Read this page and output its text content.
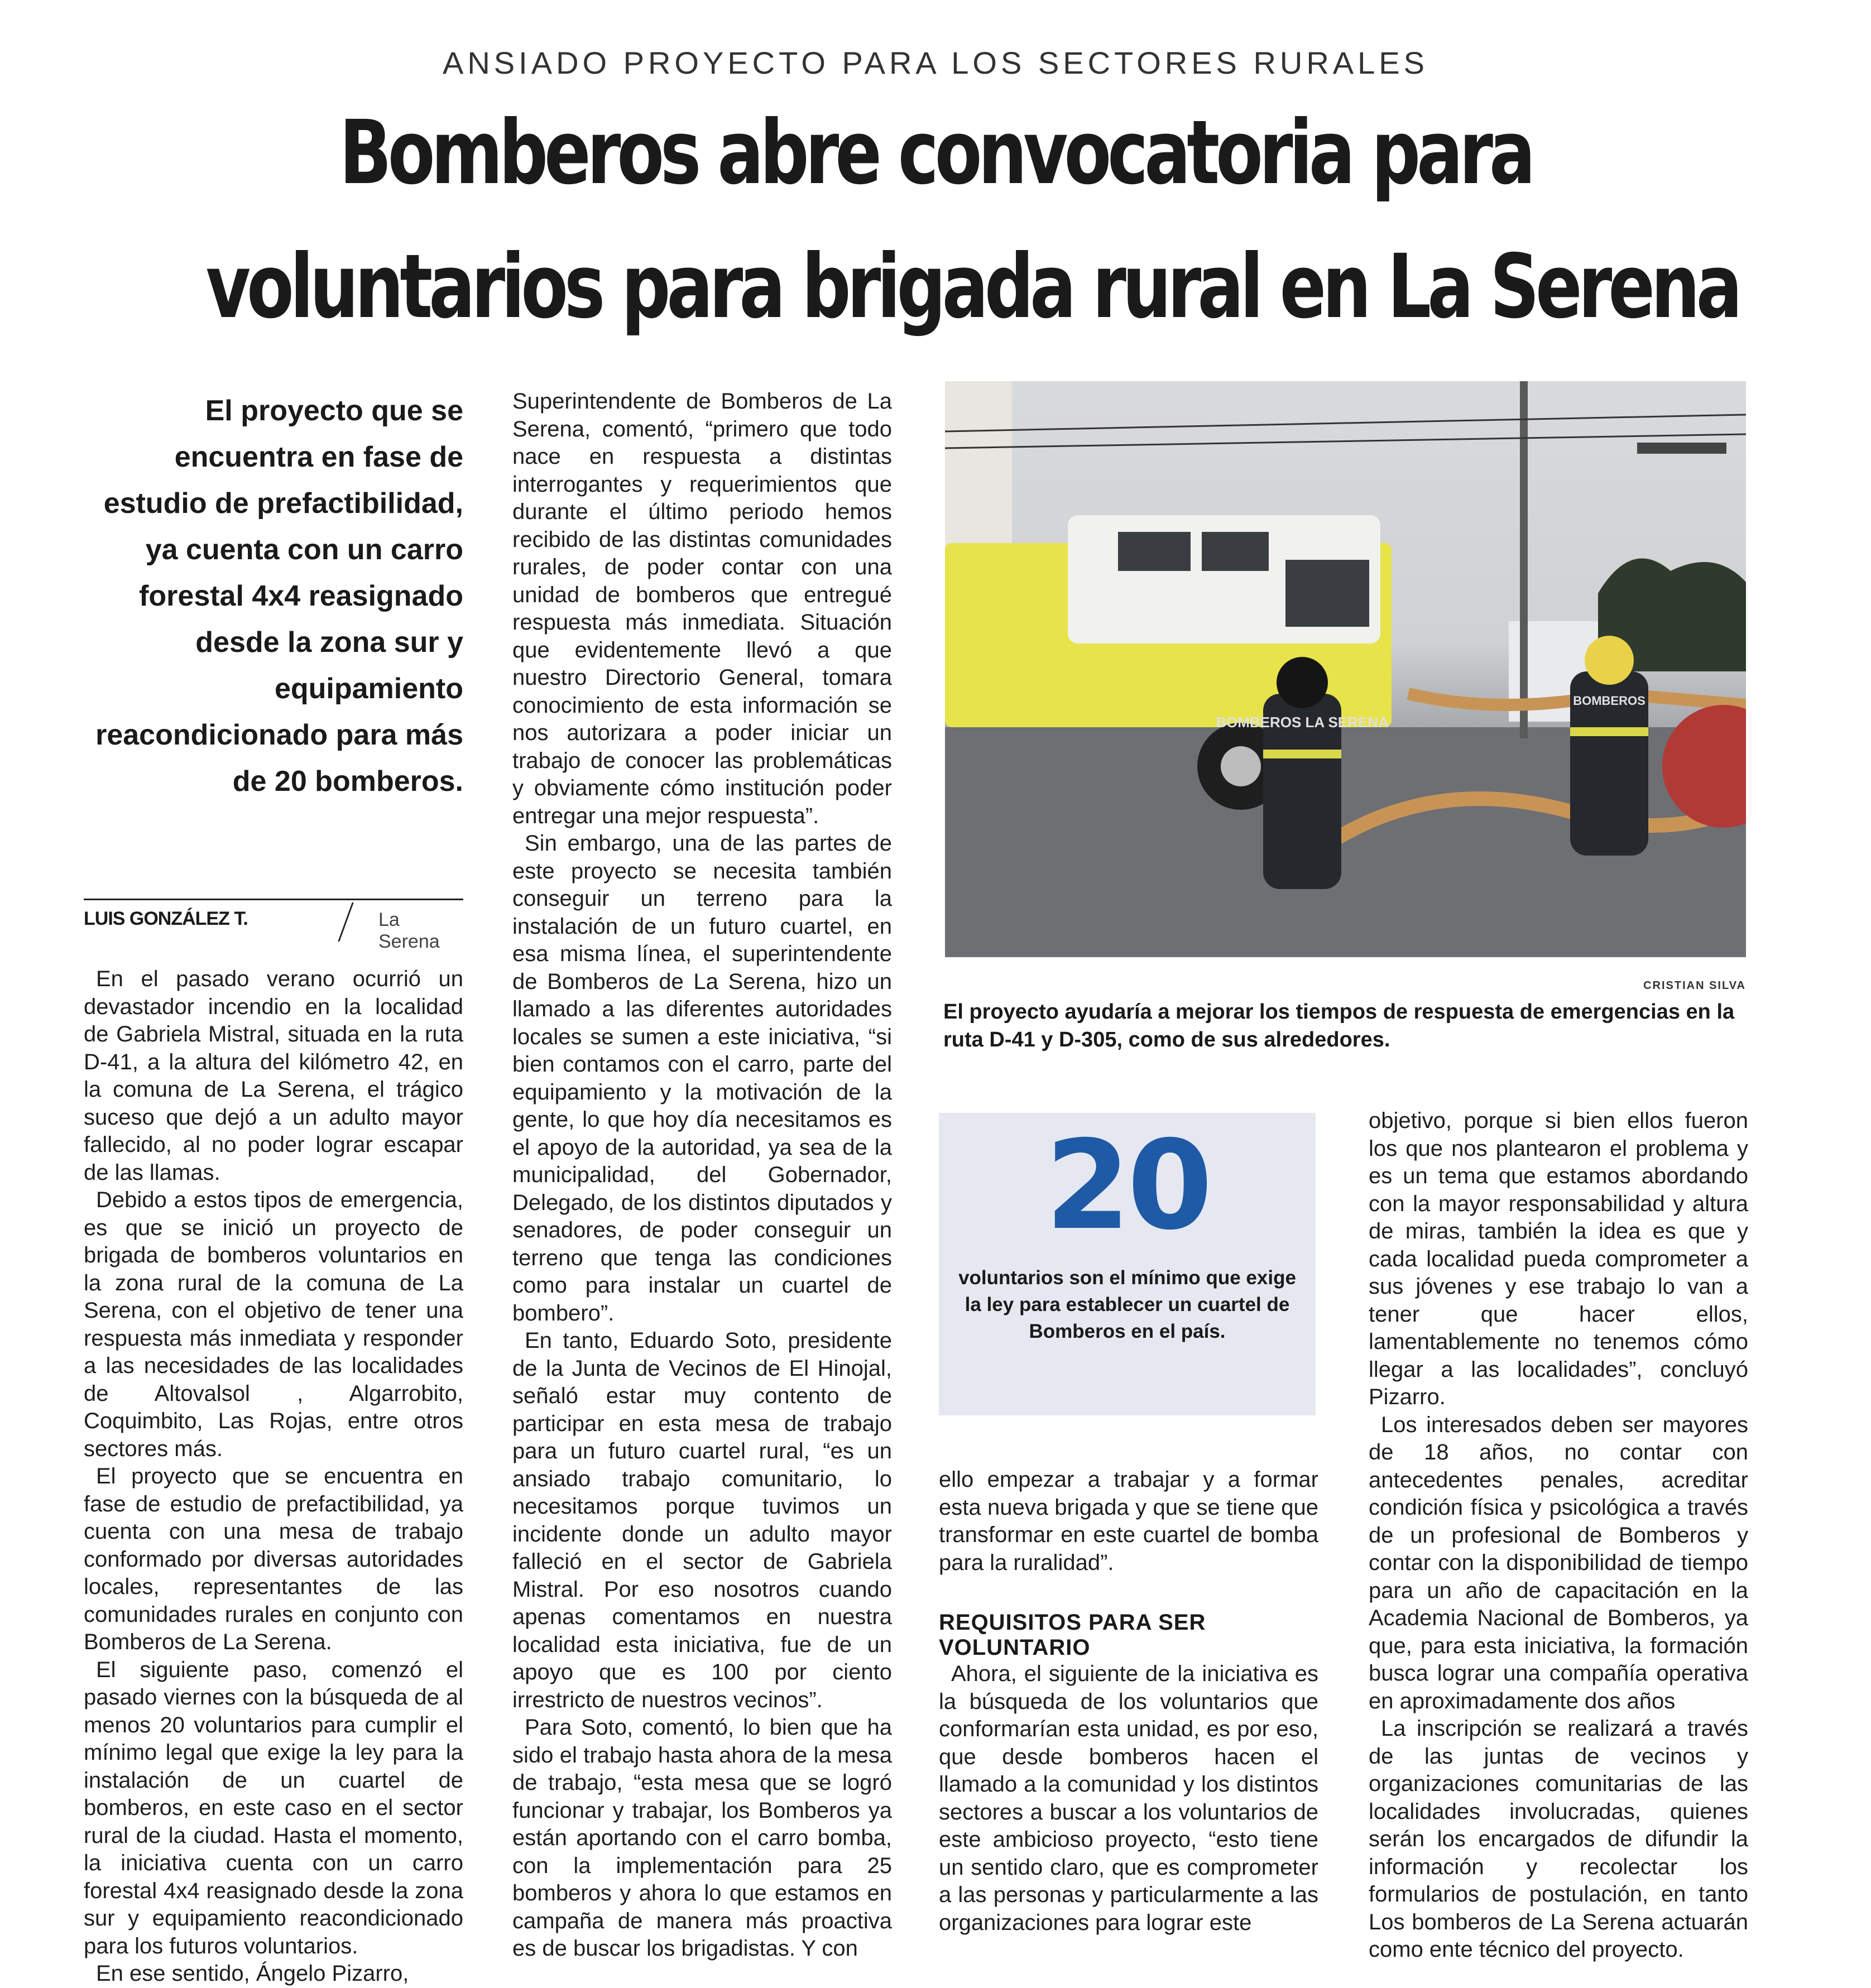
ANSIADO PROYECTO PARA LOS SECTORES RURALES
Bomberos abre convocatoria para
voluntarios para brigada rural en La Serena
El proyecto que se encuentra en fase de estudio de prefactibilidad, ya cuenta con un carro forestal 4x4 reasignado desde la zona sur y equipamiento reacondicionado para más de 20 bomberos.
LUIS GONZÁLEZ T.	La Serena

En el pasado verano ocurrió un devastador incendio en la localidad de Gabriela Mistral, situada en la ruta D-41, a la altura del kilómetro 42, en la comuna de La Serena, el trágico suceso que dejó a un adulto mayor fallecido, al no poder lograr escapar de las llamas.

Debido a estos tipos de emergencia, es que se inició un proyecto de brigada de bomberos voluntarios en la zona rural de la comuna de La Serena, con el objetivo de tener una respuesta más inmediata y responder a las necesidades de las localidades de Altovalsol , Algarrobito, Coquimbito, Las Rojas, entre otros sectores más.

El proyecto que se encuentra en fase de estudio de prefactibilidad, ya cuenta con una mesa de trabajo conformado por diversas autoridades locales, representantes de las comunidades rurales en conjunto con Bomberos de La Serena.

El siguiente paso, comenzó el pasado viernes con la búsqueda de al menos 20 voluntarios para cumplir el mínimo legal que exige la ley para la instalación de un cuartel de bomberos, en este caso en el sector rural de la ciudad. Hasta el momento, la iniciativa cuenta con un carro forestal 4x4 reasignado desde la zona sur y equipamiento reacondicionado para los futuros voluntarios.

En ese sentido, Ángelo Pizarro,

Superintendente de Bomberos de La Serena, comentó, “primero que todo nace en respuesta a distintas interrogantes y requerimientos que durante el último periodo hemos recibido de las distintas comunidades rurales, de poder contar con una unidad de bomberos que entregué respuesta más inmediata. Situación que evidentemente llevó a que nuestro Directorio General, tomara conocimiento de esta información se nos autorizara a poder iniciar un trabajo de conocer las problemáticas y obviamente cómo institución poder entregar una mejor respuesta”.

Sin embargo, una de las partes de este proyecto se necesita también conseguir un terreno para la instalación de un futuro cuartel, en esa misma línea, el superintendente de Bomberos de La Serena, hizo un llamado a las diferentes autoridades locales se sumen a este iniciativa, “si bien contamos con el carro, parte del equipamiento y la motivación de la gente, lo que hoy día necesitamos es el apoyo de la autoridad, ya sea de la municipalidad, del Gobernador, Delegado, de los distintos diputados y senadores, de poder conseguir un terreno que tenga las condiciones como para instalar un cuartel de bombero”.

En tanto, Eduardo Soto, presidente de la Junta de Vecinos de El Hinojal, señaló estar muy contento de participar en esta mesa de trabajo para un futuro cuartel rural, “es un ansiado trabajo comunitario, lo necesitamos porque tuvimos un incidente donde un adulto mayor falleció en el sector de Gabriela Mistral. Por eso nosotros cuando apenas comentamos en nuestra localidad esta iniciativa, fue de un apoyo que es 100 por ciento irrestricto de nuestros vecinos”.

Para Soto, comentó, lo bien que ha sido el trabajo hasta ahora de la mesa de trabajo, “esta mesa que se logró funcionar y trabajar, los Bomberos ya están aportando con el carro bomba, con la implementación para 25 bomberos y ahora lo que estamos en campaña de manera más proactiva es de buscar los brigadistas. Y con

BOMBEROS LA SERENA
BOMBEROS
CRISTIAN SILVA
El proyecto ayudaría a mejorar los tiempos de respuesta de emergencias en la ruta D-41 y D-305, como de sus alrededores.
20
voluntarios son el mínimo que exige la ley para establecer un cuartel de Bomberos en el país.

ello empezar a trabajar y a formar esta nueva brigada y que se tiene que transformar en este cuartel de bomba para la ruralidad”.

REQUISITOS PARA SER VOLUNTARIO

Ahora, el siguiente de la iniciativa es la búsqueda de los voluntarios que conformarían esta unidad, es por eso, que desde bomberos hacen el llamado a la comunidad y los distintos sectores a buscar a los voluntarios de este ambicioso proyecto, “esto tiene un sentido claro, que es comprometer a las personas y particularmente a las organizaciones para lograr este

objetivo, porque si bien ellos fueron los que nos plantearon el problema y es un tema que estamos abordando con la mayor responsabilidad y altura de miras, también la idea es que y cada localidad pueda comprometer a sus jóvenes y ese trabajo lo van a tener que hacer ellos, lamentablemente no tenemos cómo llegar a las localidades”, concluyó Pizarro.

Los interesados deben ser mayores de 18 años, no contar con antecedentes penales, acreditar condición física y psicológica a través de un profesional de Bomberos y contar con la disponibilidad de tiempo para un año de capacitación en la Academia Nacional de Bomberos, ya que, para esta iniciativa, la formación busca lograr una compañía operativa en aproximadamente dos años

La inscripción se realizará a través de las juntas de vecinos y organizaciones comunitarias de las localidades involucradas, quienes serán los encargados de difundir la información y recolectar los formularios de postulación, en tanto Los bomberos de La Serena actuarán como ente técnico del proyecto.
